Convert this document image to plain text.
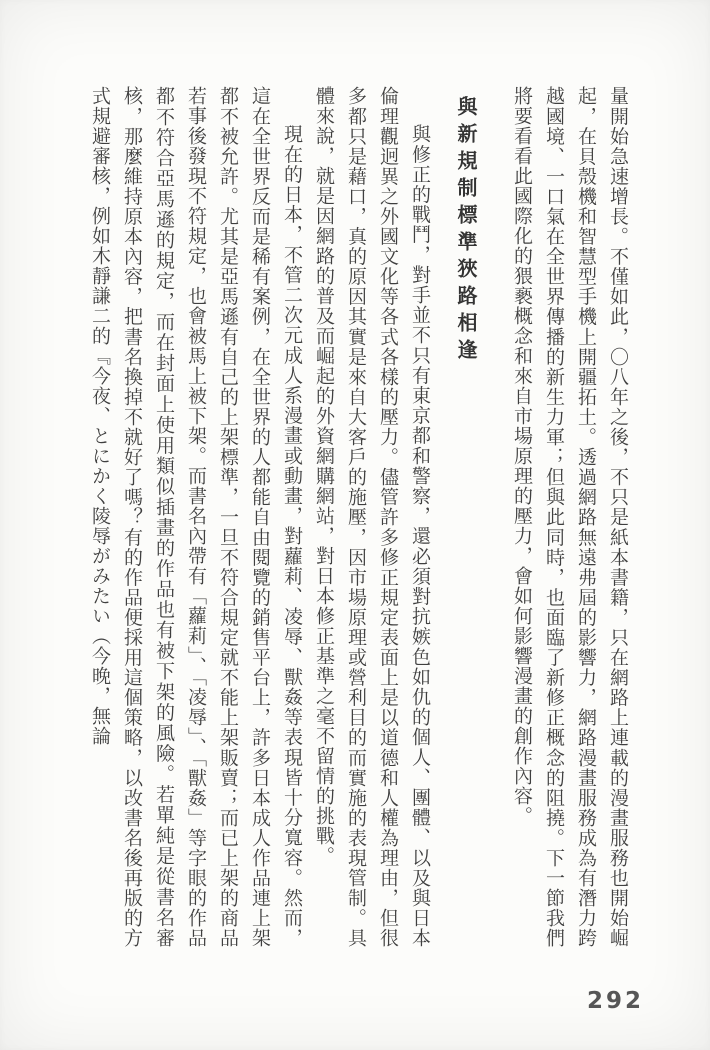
量開始急速增長。不僅如此，〇八年之後，不只是紙本書籍，只在網路上連載的漫畫服務也開始崛起，在貝殼機和智慧型手機上開疆拓土。透過網路無遠弗屆的影響力，網路漫畫服務成為有潛力跨越國境、一口氣在全世界傳播的新生力軍；但與此同時，也面臨了新修正概念的阻撓。下一節我們將要看看此國際化的猥褻概念和來自市場原理的壓力，會如何影響漫畫的創作內容。

與新規制標準狹路相逢

與修正的戰鬥，對手並不只有東京都和警察，還必須對抗嫉色如仇的個人、團體、以及與日本倫理觀迥異之外國文化等各式各樣的壓力。儘管許多修正規定表面上是以道德和人權為理由，但很多都只是藉口，真的原因其實是來自大客戶的施壓，因市場原理或營利目的而實施的表現管制。具體來說，就是因網路的普及而崛起的外資網購網站，對日本修正基準之毫不留情的挑戰。

現在的日本，不管二次元成人系漫畫或動畫，對蘿莉、凌辱、獸姦等表現皆十分寬容。然而，這在全世界反而是稀有案例，在全世界的人都能自由閱覽的銷售平台上，許多日本成人作品連上架都不被允許。尤其是亞馬遜有自己的上架標準，一旦不符合規定就不能上架販賣；而已上架的商品若事後發現不符規定，也會被馬上被下架。而書名內帶有「蘿莉」、「凌辱」、「獸姦」等字眼的作品都不符合亞馬遜的規定，而在封面上使用類似插畫的作品也有被下架的風險。若單純是從書名審核，那麼維持原本內容，把書名換掉不就好了嗎？有的作品便採用這個策略，以改書名後再版的方式規避審核，例如木靜謙二的『今夜、とにかく陵辱がみたい（今晚，無論

292
